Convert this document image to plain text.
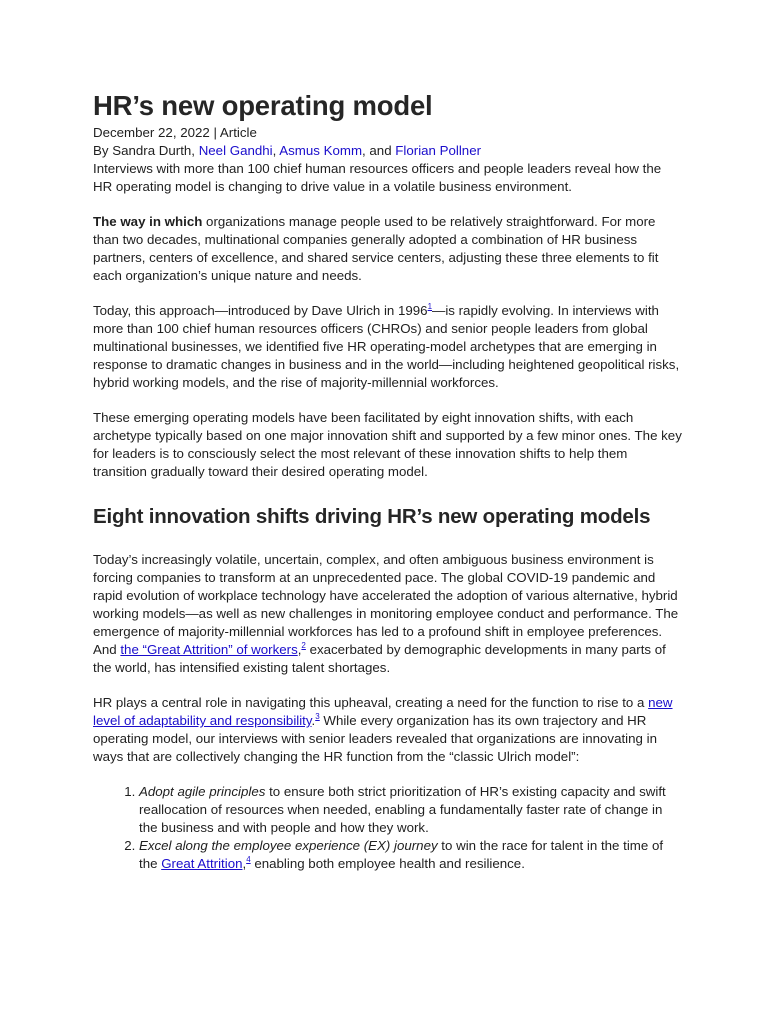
HR’s new operating model
December 22, 2022 | Article
By Sandra Durth, Neel Gandhi, Asmus Komm, and Florian Pollner

Interviews with more than 100 chief human resources officers and people leaders reveal how the HR operating model is changing to drive value in a volatile business environment.

The way in which organizations manage people used to be relatively straightforward. For more than two decades, multinational companies generally adopted a combination of HR business partners, centers of excellence, and shared service centers, adjusting these three elements to fit each organization’s unique nature and needs.

Today, this approach—introduced by Dave Ulrich in 1996$^1$—is rapidly evolving. In interviews with more than 100 chief human resources officers (CHROs) and senior people leaders from global multinational businesses, we identified five HR operating-model archetypes that are emerging in response to dramatic changes in business and in the world—including heightened geopolitical risks, hybrid working models, and the rise of majority-millennial workforces.

These emerging operating models have been facilitated by eight innovation shifts, with each archetype typically based on one major innovation shift and supported by a few minor ones. The key for leaders is to consciously select the most relevant of these innovation shifts to help them transition gradually toward their desired operating model.

Eight innovation shifts driving HR’s new operating models

Today’s increasingly volatile, uncertain, complex, and often ambiguous business environment is forcing companies to transform at an unprecedented pace. The global COVID-19 pandemic and rapid evolution of workplace technology have accelerated the adoption of various alternative, hybrid working models—as well as new challenges in monitoring employee conduct and performance. The emergence of majority-millennial workforces has led to a profound shift in employee preferences. And the “Great Attrition” of workers,$^2$ exacerbated by demographic developments in many parts of the world, has intensified existing talent shortages.

HR plays a central role in navigating this upheaval, creating a need for the function to rise to a new level of adaptability and responsibility.$^3$ While every organization has its own trajectory and HR operating model, our interviews with senior leaders revealed that organizations are innovating in ways that are collectively changing the HR function from the “classic Ulrich model”:

1. Adopt agile principles to ensure both strict prioritization of HR’s existing capacity and swift reallocation of resources when needed, enabling a fundamentally faster rate of change in the business and with people and how they work.
2. Excel along the employee experience (EX) journey to win the race for talent in the time of the Great Attrition,$^4$ enabling both employee health and resilience.
